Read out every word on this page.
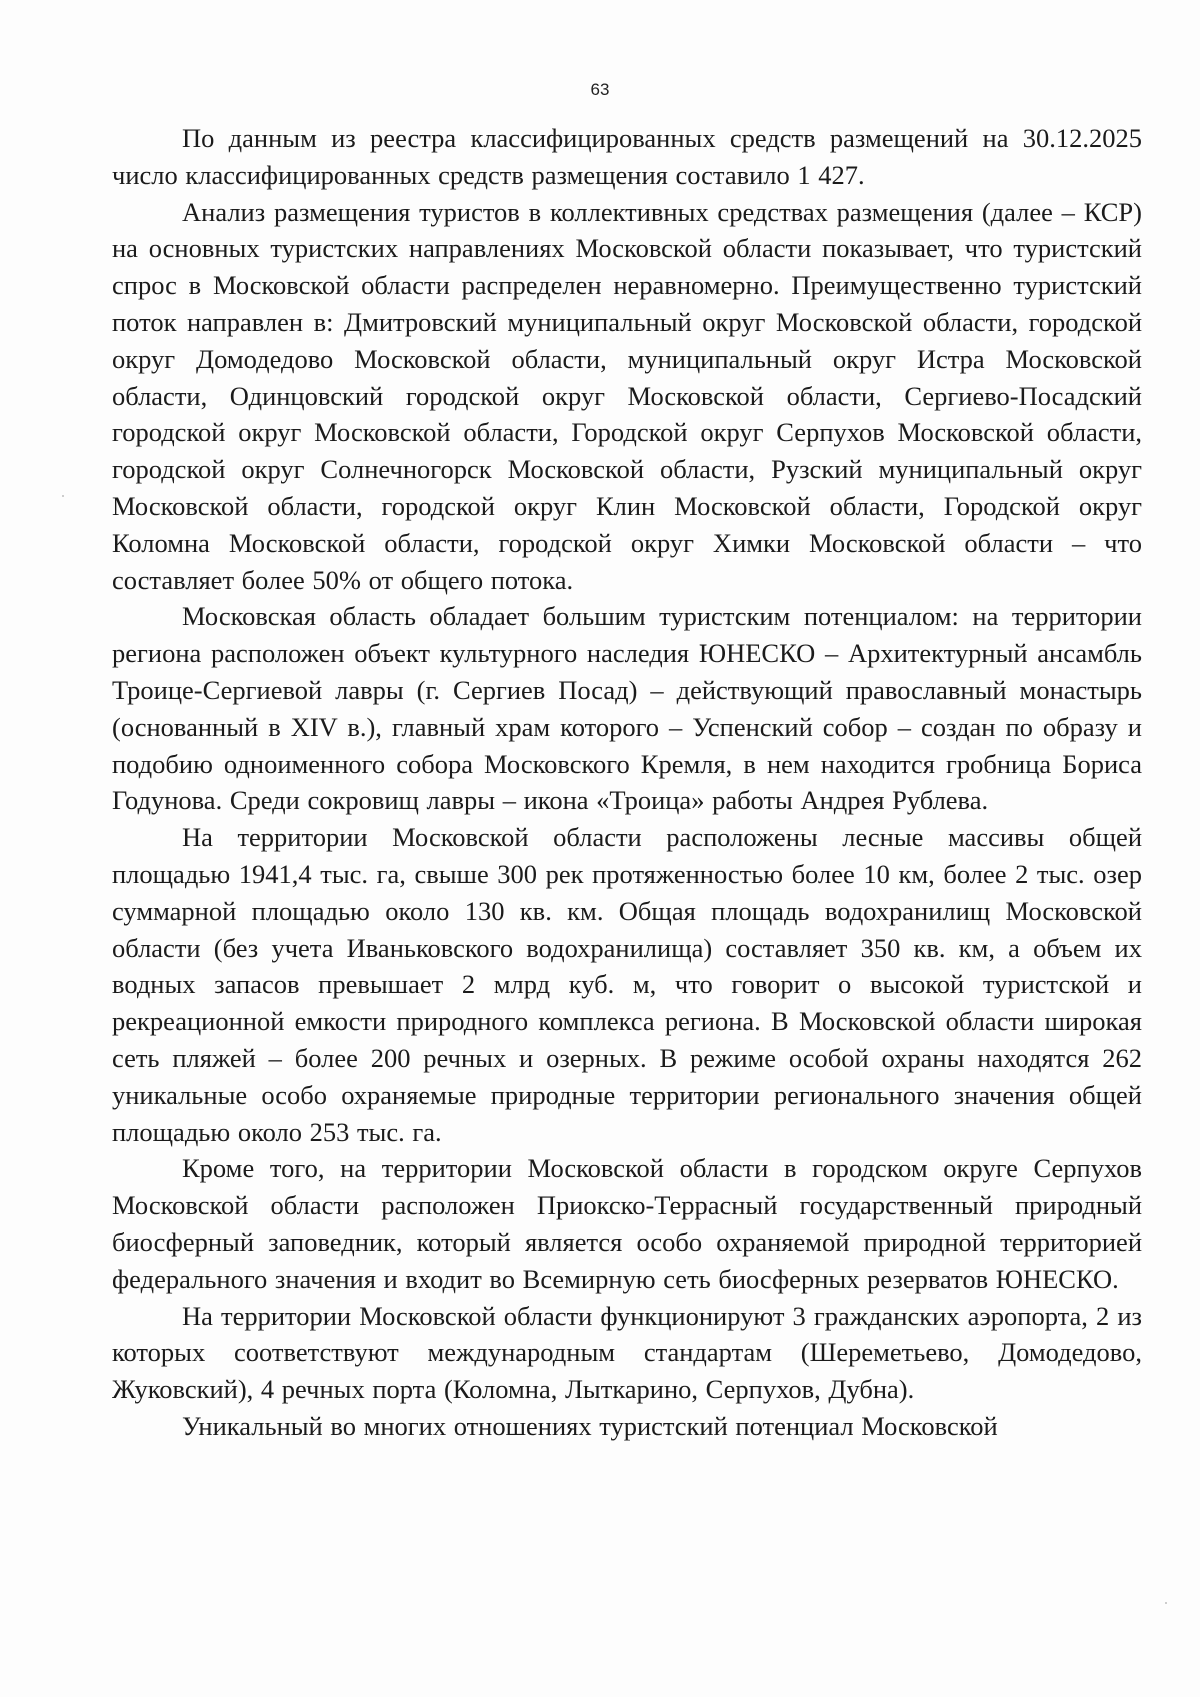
63

По данным из реестра классифицированных средств размещений на 30.12.2025 число классифицированных средств размещения составило 1 427.

Анализ размещения туристов в коллективных средствах размещения (далее – КСР) на основных туристских направлениях Московской области показывает, что туристский спрос в Московской области распределен неравномерно. Преимущественно туристский поток направлен в: Дмитровский муниципальный округ Московской области, городской округ Домодедово Московской области, муниципальный округ Истра Московской области, Одинцовский городской округ Московской области, Сергиево-Посадский городской округ Московской области, Городской округ Серпухов Московской области, городской округ Солнечногорск Московской области, Рузский муниципальный округ Московской области, городской округ Клин Московской области, Городской округ Коломна Московской области, городской округ Химки Московской области – что составляет более 50% от общего потока.

Московская область обладает большим туристским потенциалом: на территории региона расположен объект культурного наследия ЮНЕСКО – Архитектурный ансамбль Троице-Сергиевой лавры (г. Сергиев Посад) – действующий православный монастырь (основанный в XIV в.), главный храм которого – Успенский собор – создан по образу и подобию одноименного собора Московского Кремля, в нем находится гробница Бориса Годунова. Среди сокровищ лавры – икона «Троица» работы Андрея Рублева.

На территории Московской области расположены лесные массивы общей площадью 1941,4 тыс. га, свыше 300 рек протяженностью более 10 км, более 2 тыс. озер суммарной площадью около 130 кв. км. Общая площадь водохранилищ Московской области (без учета Иваньковского водохранилища) составляет 350 кв. км, а объем их водных запасов превышает 2 млрд куб. м, что говорит о высокой туристской и рекреационной емкости природного комплекса региона. В Московской области широкая сеть пляжей – более 200 речных и озерных. В режиме особой охраны находятся 262 уникальные особо охраняемые природные территории регионального значения общей площадью около 253 тыс. га.

Кроме того, на территории Московской области в городском округе Серпухов Московской области расположен Приокско-Террасный государственный природный биосферный заповедник, который является особо охраняемой природной территорией федерального значения и входит во Всемирную сеть биосферных резерватов ЮНЕСКО.

На территории Московской области функционируют 3 гражданских аэропорта, 2 из которых соответствуют международным стандартам (Шереметьево, Домодедово, Жуковский), 4 речных порта (Коломна, Лыткарино, Серпухов, Дубна).

Уникальный во многих отношениях туристский потенциал Московской
